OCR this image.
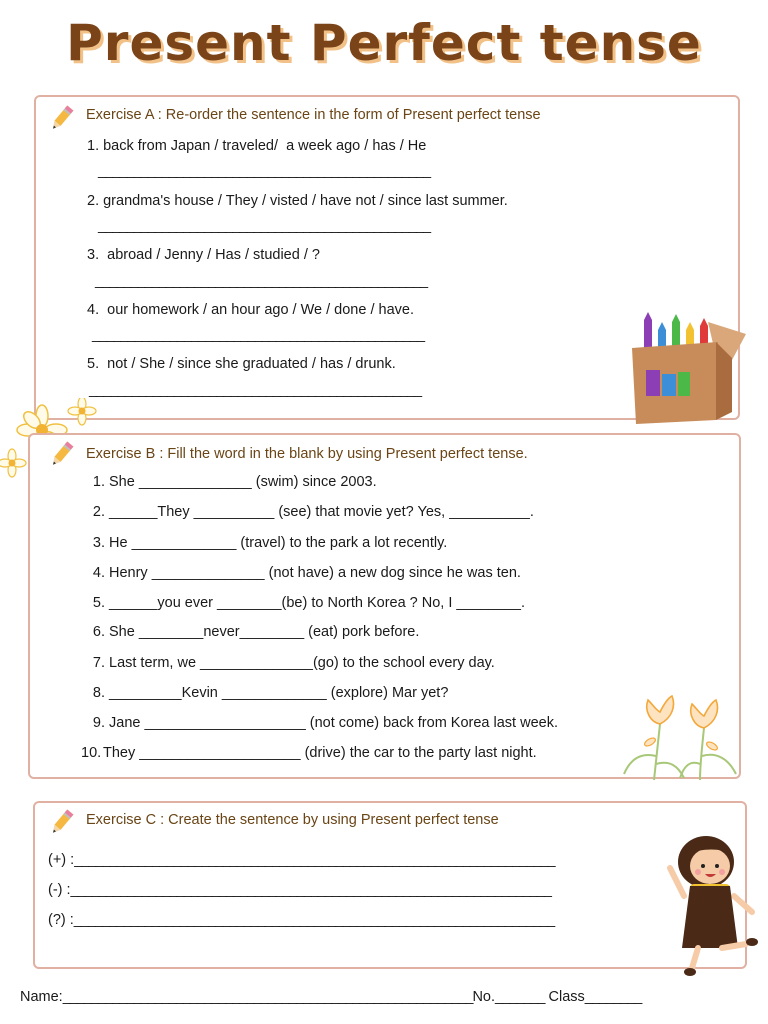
Present Perfect tense
Exercise A : Re-order the sentence in the form of Present perfect tense
1. back from Japan / traveled/  a week ago / has / He
_______________________________________________
2. grandma's house / They / visted / have not / since last summer.
_______________________________________________
3.  abroad / Jenny / Has / studied / ?
_______________________________________________
4.  our homework / an hour ago / We / done / have.
_______________________________________________
5.  not / She / since she graduated / has / drunk.
_______________________________________________
Exercise B : Fill the word in the blank by using Present perfect tense.
1. She ______________ (swim) since 2003.
2. ______They __________ (see) that movie yet? Yes, __________.
3. He _____________ (travel) to the park a lot recently.
4. Henry ______________ (not have) a new dog since he was ten.
5. ______you ever ________(be) to North Korea ? No, I ________.
6. She ________never________ (eat) pork before.
7. Last term, we ______________(go) to the school every day.
8. _________Kevin _____________ (explore) Mar yet?
9. Jane ____________________ (not come) back from Korea last week.
10. They ____________________ (drive) the car to the party last night.
Exercise C : Create the sentence by using Present perfect tense
(+) :____________________________________________________________________
(-) :____________________________________________________________________
(?) :____________________________________________________________________
Name:__________________________________________________________No._______ Class________
